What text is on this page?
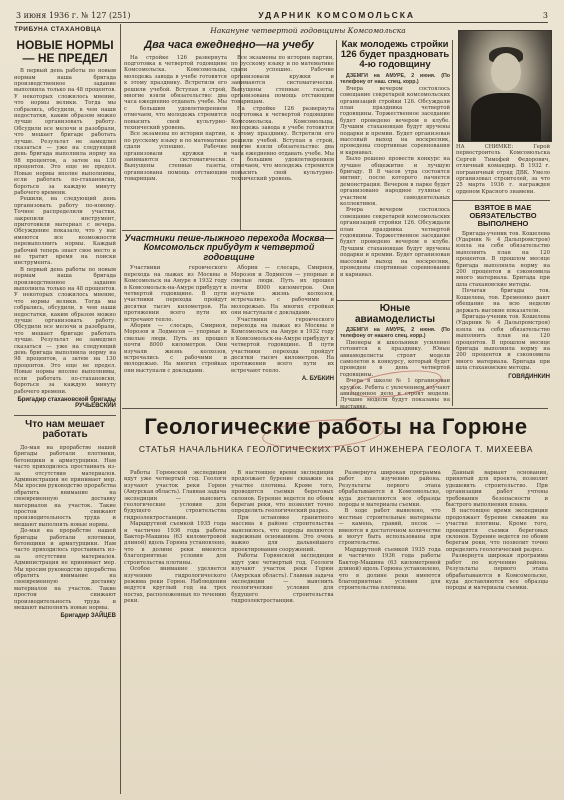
3 июня 1936 г. № 127 (251)	УДАРНИК КОМСОМОЛЬСКА	3
Накануне четвертой годовщины Комсомольска
ТРИБУНА СТАХАНОВЦА
НОВЫЕ НОРМЫ — НЕ ПРЕДЕЛ

В первый день работы по новым нормам наша бригада производственное задание выполнила только на 48 процентов. У некоторых сложилось мнение, что нормы велики. Тогда мы собрались, обсудили, в чем наши недостатки, каким образом можно лучше организовать работу. Обсудили все мелочи и разобрали, что мешает бригаде работать лучше. Результат не замедлил сказаться — уже на следующий день бригада выполнила норму на 98 процентов, а затем на 130 процентов. Это еще не предел. Новые нормы вполне выполнимы, если работать по-стахановски, бороться за каждую минуту рабочего времени.

Решили, на следующий день организовать работу по-новому. Точнее распределили участки, закрепили инструмент, приготовили материал с вечера. Обсуждение показало, что у нас имеются все возможности перевыполнить нормы. Каждый рабочий теперь знает свое место и не тратит время на поиски инструмента.

В первый день работы по новым нормам наша бригада производственное задание выполнила только на 48 процентов. У некоторых сложилось мнение, что нормы велики. Тогда мы собрались, обсудили, в чем наши недостатки, каким образом можно лучше организовать работу. Обсудили все мелочи и разобрали, что мешает бригаде работать лучше. Результат не замедлил сказаться — уже на следующий день бригада выполнила норму на 98 процентов, а затем на 130 процентов. Это еще не предел. Новые нормы вполне выполнимы, если работать по-стахановски, бороться за каждую минуту рабочего времени.

Бригадир стахановской бригады РУЧЬЕВСКИЙ
Что нам мешает работать

До-мая на прорабстве нашей бригады работали плотники, бетонщики и арматурщики. Нам часто приходилось простаивать из-за отсутствия материалов. Администрация не принимает мер. Мы просим руководство прорабства обратить внимание на своевременную доставку материалов на участок. Такие простои снижают производительность труда и мешают выполнять новые нормы.

До-мая на прорабстве нашей бригады работали плотники, бетонщики и арматурщики. Нам часто приходилось простаивать из-за отсутствия материалов. Администрация не принимает мер. Мы просим руководство прорабства обратить внимание на своевременную доставку материалов на участок. Такие простои снижают производительность труда и мешают выполнять новые нормы.

Бригадир ЗАЙЦЕВ
Два часа ежедневно—на учебу

На стройке 126 развернута подготовка к четвертой годовщине Комсомольска. Комсомольцы, молодежь завода в учебе готовятся к этому празднику. Встретили его решили учебой. Вступая в строй, многие взяли обязательство: два часа ежедневно отдавать учебе. Мы с большим удовлетворением отмечаем, что молодежь стремится повысить свой культурно-технический уровень.

Все экзамены по истории партии, по русскому языку и по математике сдали успешно. Рабочие организовали кружки и занимаются систематически. Выпущены стенные газеты, организована помощь отстающим товарищам.

Все экзамены по истории партии, по русскому языку и по математике сдали успешно. Рабочие организовали кружки и занимаются систематически. Выпущены стенные газеты, организована помощь отстающим товарищам.

На стройке 126 развернута подготовка к четвертой годовщине Комсомольска. Комсомольцы, молодежь завода в учебе готовятся к этому празднику. Встретили его решили учебой. Вступая в строй, многие взяли обязательство: два часа ежедневно отдавать учебе. Мы с большим удовлетворением отмечаем, что молодежь стремится повысить свой культурно-технический уровень.

Как молодежь стройки 126 будет праздновать 4-ю годовщину

ДЗЕМГИ на АМУРЕ, 2 июня. (По телефону от наш. спец. корр.)

Вчера вечером состоялось совещание секретарей комсомольских организаций стройки 126. Обсуждали план праздника четвертой годовщины. Торжественное заседание будет проведено вечером в клубе. Лучшим стахановцам будут вручены подарки и премии. Будет организован массовый выход на воскресник, проведены спортивные соревнования и карнавал.

Было решено провести конкурс на лучшее общежитие и лучшую бригаду. В 8 часов утра состоится митинг, после которого начнется демонстрация. Вечером в парке будет организовано народное гулянье с участием самодеятельных коллективов.

Вчера вечером состоялось совещание секретарей комсомольских организаций стройки 126. Обсуждали план праздника четвертой годовщины. Торжественное заседание будет проведено вечером в клубе. Лучшим стахановцам будут вручены подарки и премии. Будет организован массовый выход на воскресник, проведены спортивные соревнования и карнавал.

Юные авиамоделисты

ДЗЕМГИ на АМУРЕ, 2 июня. (По телефону от нашего спец. корр.)

Пионеры и школьники усиленно готовятся к празднику. Юные авиамоделисты строят модели самолетов к конкурсу, который будет проведен в день четвертой годовщины.

Вчера в школе № 1 организован кружок. Ребята с увлечением изучают авиационное дело и строят модели. Лучшие модели будут показаны на выставке.

НА СНИМКЕ: Герой первостроитель Комсомольска Сергей Тимофей Федорович, отличный командир. В 1932 г. пограничный отряд ДВК. Умело организовал строителей, за что 25 марта 1936 г. награжден орденом Красного знамени.

ВЗЯТОЕ В МАЕ ОБЯЗАТЕЛЬСТВО ВЫПОЛНЕНО

Бригада-ученик тов. Кошелева (Ударник № 4 Дальпромстроя) взяла на себя обязательство выполнить план на 120 процентов. В прошлом месяце бригада выполнила норму на 200 процентов и сэкономила много материала. Бригада при шла стахановские методы.

Печатая бригады тов. Кошелева, тов. Еремеенко дают обещание на всю неделю держать высокие показатели.

Бригада-ученик тов. Кошелева (Ударник № 4 Дальпромстроя) взяла на себя обязательство выполнить план на 120 процентов. В прошлом месяце бригада выполнила норму на 200 процентов и сэкономила много материала. Бригада при шла стахановские методы.

ГОВЯДИНКИН
Участники пеше-лыжного перехода Москва—Комсомольск прибудут к четвертой годовщине

Участники героического перехода на лыжах из Москвы в Комсомольск на Амуре в 1932 году в Комсомольск-на-Амуре прибудут к четвертой годовщине. В пути участники перехода пройдут десятки тысяч километров. На протяжении всего пути их встречают тепло.

Аборин — слесарь, Смирнов, Морозов и Лодмесов — упорные и смелые люди. Путь их прошел почти 8000 километров. Они изучали жизнь колхозов, встречались с рабочими и молодежью. На многих стройках они выступали с докладами.

Аборин — слесарь, Смирнов, Морозов и Лодмесов — упорные и смелые люди. Путь их прошел почти 8000 километров. Они изучали жизнь колхозов, встречались с рабочими и молодежью. На многих стройках они выступали с докладами.

Участники героического перехода на лыжах из Москвы в Комсомольск на Амуре в 1932 году в Комсомольск-на-Амуре прибудут к четвертой годовщине. В пути участники перехода пройдут десятки тысяч километров. На протяжении всего пути их встречают тепло.

А. БУБКИН
Геологические работы на Горюне
СТАТЬЯ НАЧАЛЬНИКА ГЕОЛОГИЧЕСКИХ РАБОТ ИНЖЕНЕРА ГЕОЛОГА Т. МИХЕЕВА

Работы Горюнской экспедиции идут уже четвертый год. Геологи изучают участок реки Горюн (Амурская область). Главная задача экспедиции — выяснить геологические условия для будущего строительства гидроэлектростанции.

Маршрутной съемкой 1935 года и частично 1936 года работы Бактор-Машина (63 километровой длиной) вдоль Горюна установлено, что в долине реки имеются благоприятные условия для строительства плотины.

Особое внимание уделяется изучению гидрологического режима реки Горюн. Наблюдения ведутся круглый год на трех постах, расположенных по течению реки.

В настоящее время экспедиция продолжает бурение скважин на участке плотины. Кроме того, проводятся съемки береговых склонов. Бурение ведется по обоим берегам реки, что позволит точно определить геологический разрез.

При остановке гранитного массива в районе строительства выяснилось, что породы являются надежным основанием. Это очень важно для дальнейшего проектирования сооружений.

Работы Горюнской экспедиции идут уже четвертый год. Геологи изучают участок реки Горюн (Амурская область). Главная задача экспедиции — выяснить геологические условия для будущего строительства гидроэлектростанции.

Развернута широкая программа работ по изучению района. Результаты первого этапа обрабатываются в Комсомольске, куда доставляются все образцы породы и материалы съемки.

В ходе работ выявлено, что местные строительные материалы — камень, гравий, песок — имеются в достаточном количестве и могут быть использованы при строительстве.

Маршрутной съемкой 1935 года и частично 1936 года работы Бактор-Машина (63 километровой длиной) вдоль Горюна установлено, что в долине реки имеются благоприятные условия для строительства плотины.

Данный вариант основания, принятый для проекта, позволит удешевить строительство. При организации работ учтены требования безопасности и быстрого выполнения плана.

В настоящее время экспедиция продолжает бурение скважин на участке плотины. Кроме того, проводятся съемки береговых склонов. Бурение ведется по обоим берегам реки, что позволит точно определить геологический разрез.

Развернута широкая программа работ по изучению района. Результаты первого этапа обрабатываются в Комсомольске, куда доставляются все образцы породы и материалы съемки.
